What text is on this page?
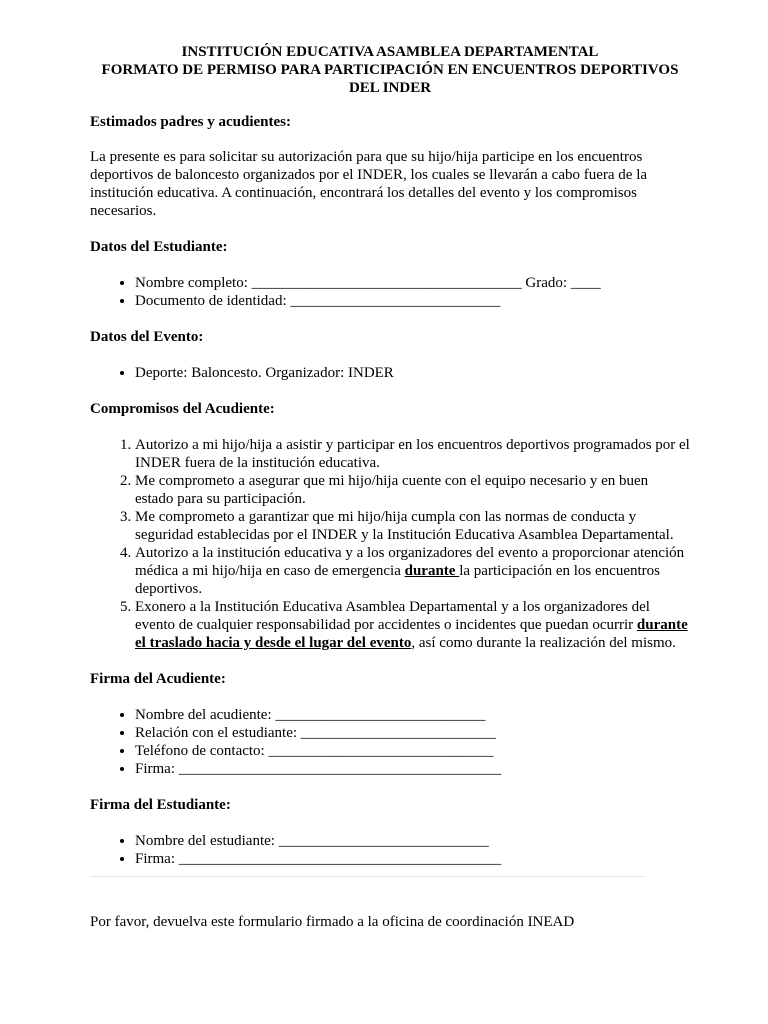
INSTITUCIÓN EDUCATIVA ASAMBLEA DEPARTAMENTAL
FORMATO DE PERMISO PARA PARTICIPACIÓN EN ENCUENTROS DEPORTIVOS
DEL INDER
Estimados padres y acudientes:
La presente es para solicitar su autorización para que su hijo/hija participe en los encuentros deportivos de baloncesto organizados por el INDER, los cuales se llevarán a cabo fuera de la institución educativa. A continuación, encontrará los detalles del evento y los compromisos necesarios.
Datos del Estudiante:
• Nombre completo: ____________________________________ Grado: ____
• Documento de identidad: ____________________________
Datos del Evento:
• Deporte: Baloncesto. Organizador: INDER
Compromisos del Acudiente:
1. Autorizo a mi hijo/hija a asistir y participar en los encuentros deportivos programados por el INDER fuera de la institución educativa.
2. Me comprometo a asegurar que mi hijo/hija cuente con el equipo necesario y en buen estado para su participación.
3. Me comprometo a garantizar que mi hijo/hija cumpla con las normas de conducta y seguridad establecidas por el INDER y la Institución Educativa Asamblea Departamental.
4. Autorizo a la institución educativa y a los organizadores del evento a proporcionar atención médica a mi hijo/hija en caso de emergencia durante la participación en los encuentros deportivos.
5. Exonero a la Institución Educativa Asamblea Departamental y a los organizadores del evento de cualquier responsabilidad por accidentes o incidentes que puedan ocurrir durante el traslado hacia y desde el lugar del evento, así como durante la realización del mismo.
Firma del Acudiente:
• Nombre del acudiente: ____________________________
• Relación con el estudiante: __________________________
• Teléfono de contacto: ______________________________
• Firma: ___________________________________________
Firma del Estudiante:
• Nombre del estudiante: ____________________________
• Firma: ___________________________________________
Por favor, devuelva este formulario firmado a la oficina de coordinación INEAD
